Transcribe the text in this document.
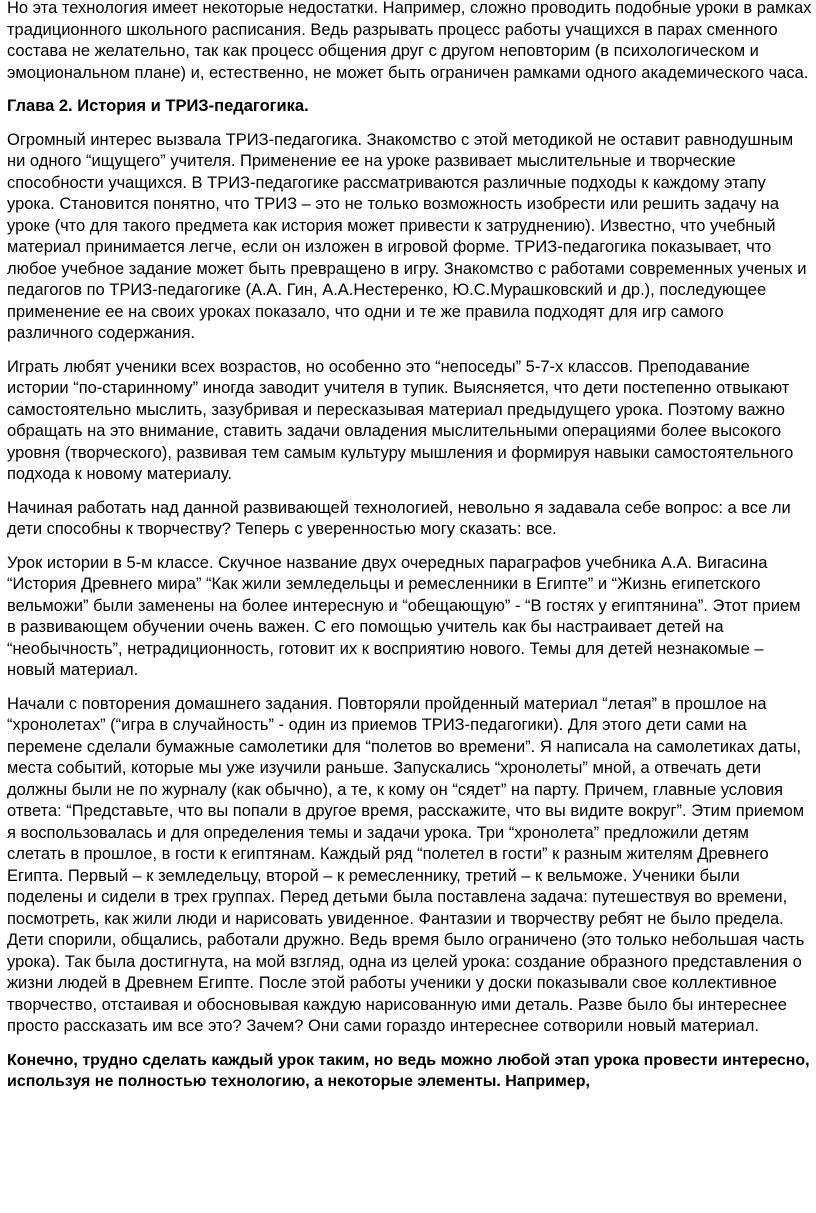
Но эта технология имеет некоторые недостатки. Например, сложно проводить подобные уроки в рамках традиционного школьного расписания. Ведь разрывать процесс работы учащихся в парах сменного состава не желательно, так как процесс общения друг с другом неповторим (в психологическом и эмоциональном плане) и, естественно, не может быть ограничен рамками одного академического часа.

Глава 2. История и ТРИЗ-педагогика.

Огромный интерес вызвала ТРИЗ-педагогика. Знакомство с этой методикой не оставит равнодушным ни одного “ищущего” учителя. Применение ее на уроке развивает мыслительные и творческие способности учащихся. В ТРИЗ-педагогике рассматриваются различные подходы к каждому этапу урока. Становится понятно, что ТРИЗ – это не только возможность изобрести или решить задачу на уроке (что для такого предмета как история может привести к затруднению). Известно, что учебный материал принимается легче, если он изложен в игровой форме. ТРИЗ-педагогика показывает, что любое учебное задание может быть превращено в игру. Знакомство с работами современных ученых и педагогов по ТРИЗ-педагогике (А.А. Гин, А.А.Нестеренко, Ю.С.Мурашковский и др.), последующее применение ее на своих уроках показало, что одни и те же правила подходят для игр самого различного содержания.

Играть любят ученики всех возрастов, но особенно это “непоседы” 5-7-х классов. Преподавание истории “по-старинному” иногда заводит учителя в тупик. Выясняется, что дети постепенно отвыкают самостоятельно мыслить, зазубривая и пересказывая материал предыдущего урока. Поэтому важно обращать на это внимание, ставить задачи овладения мыслительными операциями более высокого уровня (творческого), развивая тем самым культуру мышления и формируя навыки самостоятельного подхода к новому материалу.

Начиная работать над данной развивающей технологией, невольно я задавала себе вопрос: а все ли дети способны к творчеству? Теперь с уверенностью могу сказать: все.

Урок истории в 5-м классе. Скучное название двух очередных параграфов учебника А.А. Вигасина “История Древнего мира” “Как жили земледельцы и ремесленники в Египте” и “Жизнь египетского вельможи” были заменены на более интересную и “обещающую” - “В гостях у египтянина”. Этот прием в развивающем обучении очень важен. С его помощью учитель как бы настраивает детей на “необычность”, нетрадиционность, готовит их к восприятию нового. Темы для детей незнакомые – новый материал.

Начали с повторения домашнего задания. Повторяли пройденный материал “летая” в прошлое на “хронолетах” (“игра в случайность” - один из приемов ТРИЗ-педагогики). Для этого дети сами на перемене сделали бумажные самолетики для “полетов во времени”. Я написала на самолетиках даты, места событий, которые мы уже изучили раньше. Запускались “хронолеты” мной, а отвечать дети должны были не по журналу (как обычно), а те, к кому он “сядет” на парту. Причем, главные условия ответа: “Представьте, что вы попали в другое время, расскажите, что вы видите вокруг”. Этим приемом я воспользовалась и для определения темы и задачи урока. Три “хронолета” предложили детям слетать в прошлое, в гости к египтянам. Каждый ряд “полетел в гости” к разным жителям Древнего Египта. Первый – к земледельцу, второй – к ремесленнику, третий – к вельможе. Ученики были поделены и сидели в трех группах. Перед детьми была поставлена задача: путешествуя во времени, посмотреть, как жили люди и нарисовать увиденное. Фантазии и творчеству ребят не было предела. Дети спорили, общались, работали дружно. Ведь время было ограничено (это только небольшая часть урока). Так была достигнута, на мой взгляд, одна из целей урока: создание образного представления о жизни людей в Древнем Египте. После этой работы ученики у доски показывали свое коллективное творчество, отстаивая и обосновывая каждую нарисованную ими деталь. Разве было бы интереснее просто рассказать им все это? Зачем? Они сами гораздо интереснее сотворили новый материал.

Конечно, трудно сделать каждый урок таким, но ведь можно любой этап урока провести интересно, используя не полностью технологию, а некоторые элементы. Например,
